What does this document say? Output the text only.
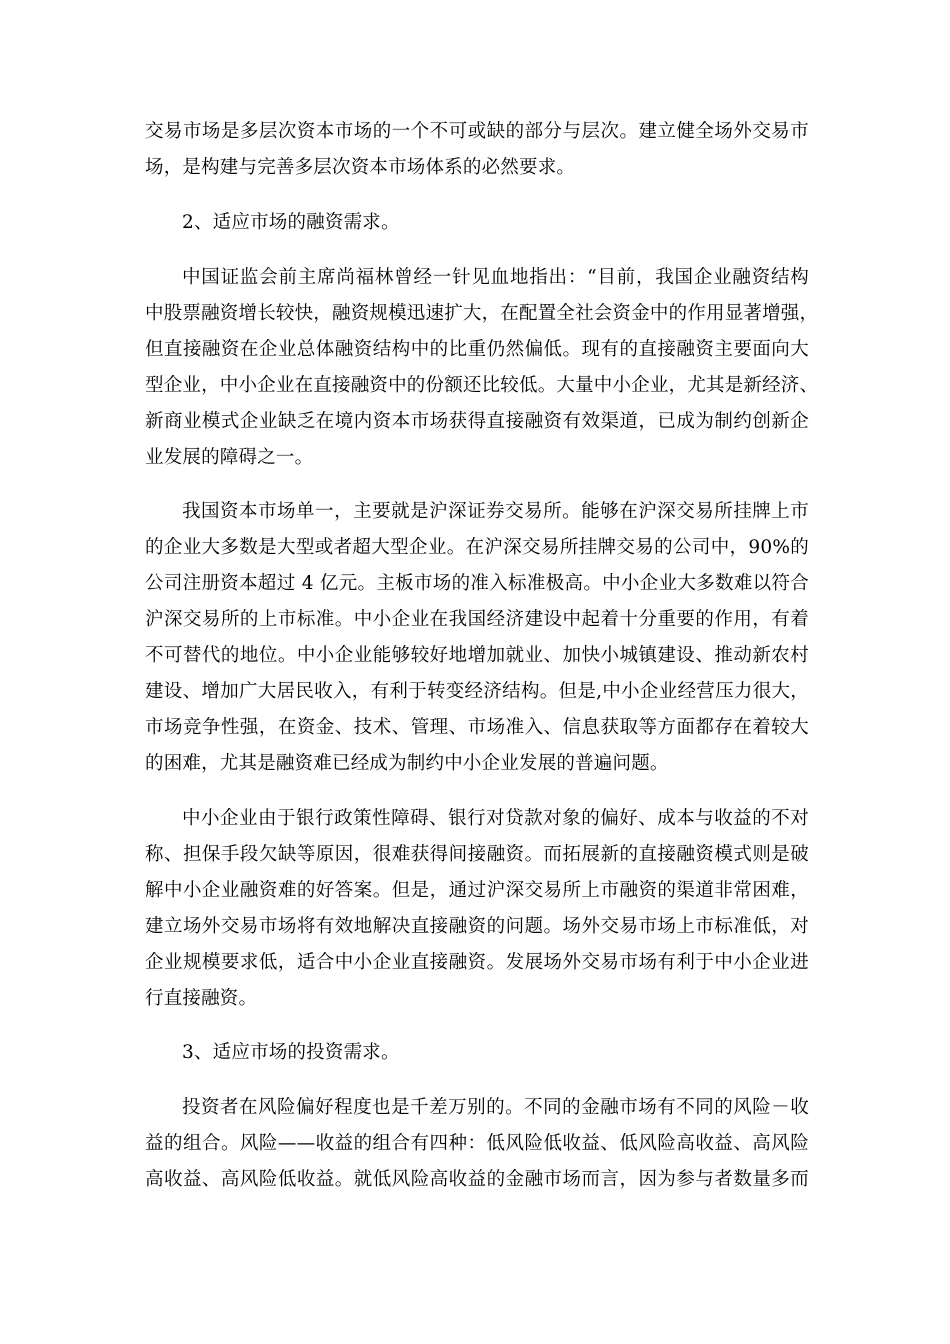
交易市场是多层次资本市场的一个不可或缺的部分与层次。建立健全场外交易市
场，是构建与完善多层次资本市场体系的必然要求。
2、适应市场的融资需求。
中国证监会前主席尚福林曾经一针见血地指出：“目前，我国企业融资结构
中股票融资增长较快，融资规模迅速扩大，在配置全社会资金中的作用显著增强，
但直接融资在企业总体融资结构中的比重仍然偏低。现有的直接融资主要面向大
型企业，中小企业在直接融资中的份额还比较低。大量中小企业，尤其是新经济、
新商业模式企业缺乏在境内资本市场获得直接融资有效渠道，已成为制约创新企
业发展的障碍之一。
我国资本市场单一，主要就是沪深证券交易所。能够在沪深交易所挂牌上市
的企业大多数是大型或者超大型企业。在沪深交易所挂牌交易的公司中，90%的
公司注册资本超过 4 亿元。主板市场的准入标准极高。中小企业大多数难以符合
沪深交易所的上市标准。中小企业在我国经济建设中起着十分重要的作用，有着
不可替代的地位。中小企业能够较好地增加就业、加快小城镇建设、推动新农村
建设、增加广大居民收入，有利于转变经济结构。但是,中小企业经营压力很大，
市场竞争性强，在资金、技术、管理、市场准入、信息获取等方面都存在着较大
的困难，尤其是融资难已经成为制约中小企业发展的普遍问题。
中小企业由于银行政策性障碍、银行对贷款对象的偏好、成本与收益的不对
称、担保手段欠缺等原因，很难获得间接融资。而拓展新的直接融资模式则是破
解中小企业融资难的好答案。但是，通过沪深交易所上市融资的渠道非常困难，
建立场外交易市场将有效地解决直接融资的问题。场外交易市场上市标准低，对
企业规模要求低，适合中小企业直接融资。发展场外交易市场有利于中小企业进
行直接融资。
3、适应市场的投资需求。
投资者在风险偏好程度也是千差万别的。不同的金融市场有不同的风险－收
益的组合。风险——收益的组合有四种：低风险低收益、低风险高收益、高风险
高收益、高风险低收益。就低风险高收益的金融市场而言，因为参与者数量多而
